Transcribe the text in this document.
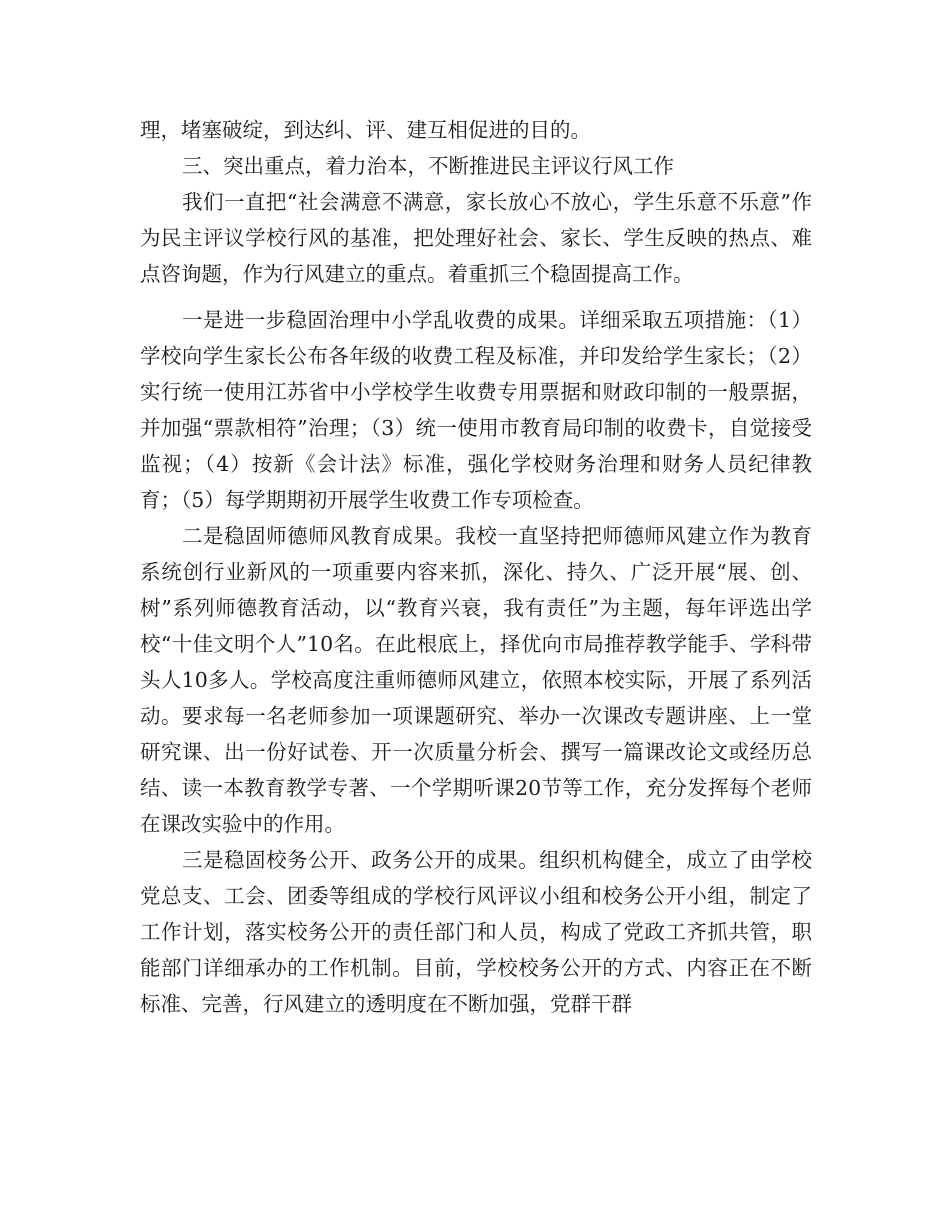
理，堵塞破绽，到达纠、评、建互相促进的目的。

三、突出重点，着力治本，不断推进民主评议行风工作

我们一直把“社会满意不满意，家长放心不放心，学生乐意不乐意”作为民主评议学校行风的基准，把处理好社会、家长、学生反映的热点、难点咨询题，作为行风建立的重点。着重抓三个稳固提高工作。

一是进一步稳固治理中小学乱收费的成果。详细采取五项措施：（1）学校向学生家长公布各年级的收费工程及标准，并印发给学生家长；（2）实行统一使用江苏省中小学校学生收费专用票据和财政印制的一般票据，并加强“票款相符”治理；（3）统一使用市教育局印制的收费卡，自觉接受监视；（4）按新《会计法》标准，强化学校财务治理和财务人员纪律教育；（5）每学期期初开展学生收费工作专项检查。

二是稳固师德师风教育成果。我校一直坚持把师德师风建立作为教育系统创行业新风的一项重要内容来抓，深化、持久、广泛开展“展、创、树”系列师德教育活动，以“教育兴衰，我有责任”为主题，每年评选出学校“十佳文明个人”10名。在此根底上，择优向市局推荐教学能手、学科带头人10多人。学校高度注重师德师风建立，依照本校实际，开展了系列活动。要求每一名老师参加一项课题研究、举办一次课改专题讲座、上一堂研究课、出一份好试卷、开一次质量分析会、撰写一篇课改论文或经历总结、读一本教育教学专著、一个学期听课20节等工作，充分发挥每个老师在课改实验中的作用。

三是稳固校务公开、政务公开的成果。组织机构健全，成立了由学校党总支、工会、团委等组成的学校行风评议小组和校务公开小组，制定了工作计划，落实校务公开的责任部门和人员，构成了党政工齐抓共管，职能部门详细承办的工作机制。目前，学校校务公开的方式、内容正在不断标准、完善，行风建立的透明度在不断加强，党群干群
